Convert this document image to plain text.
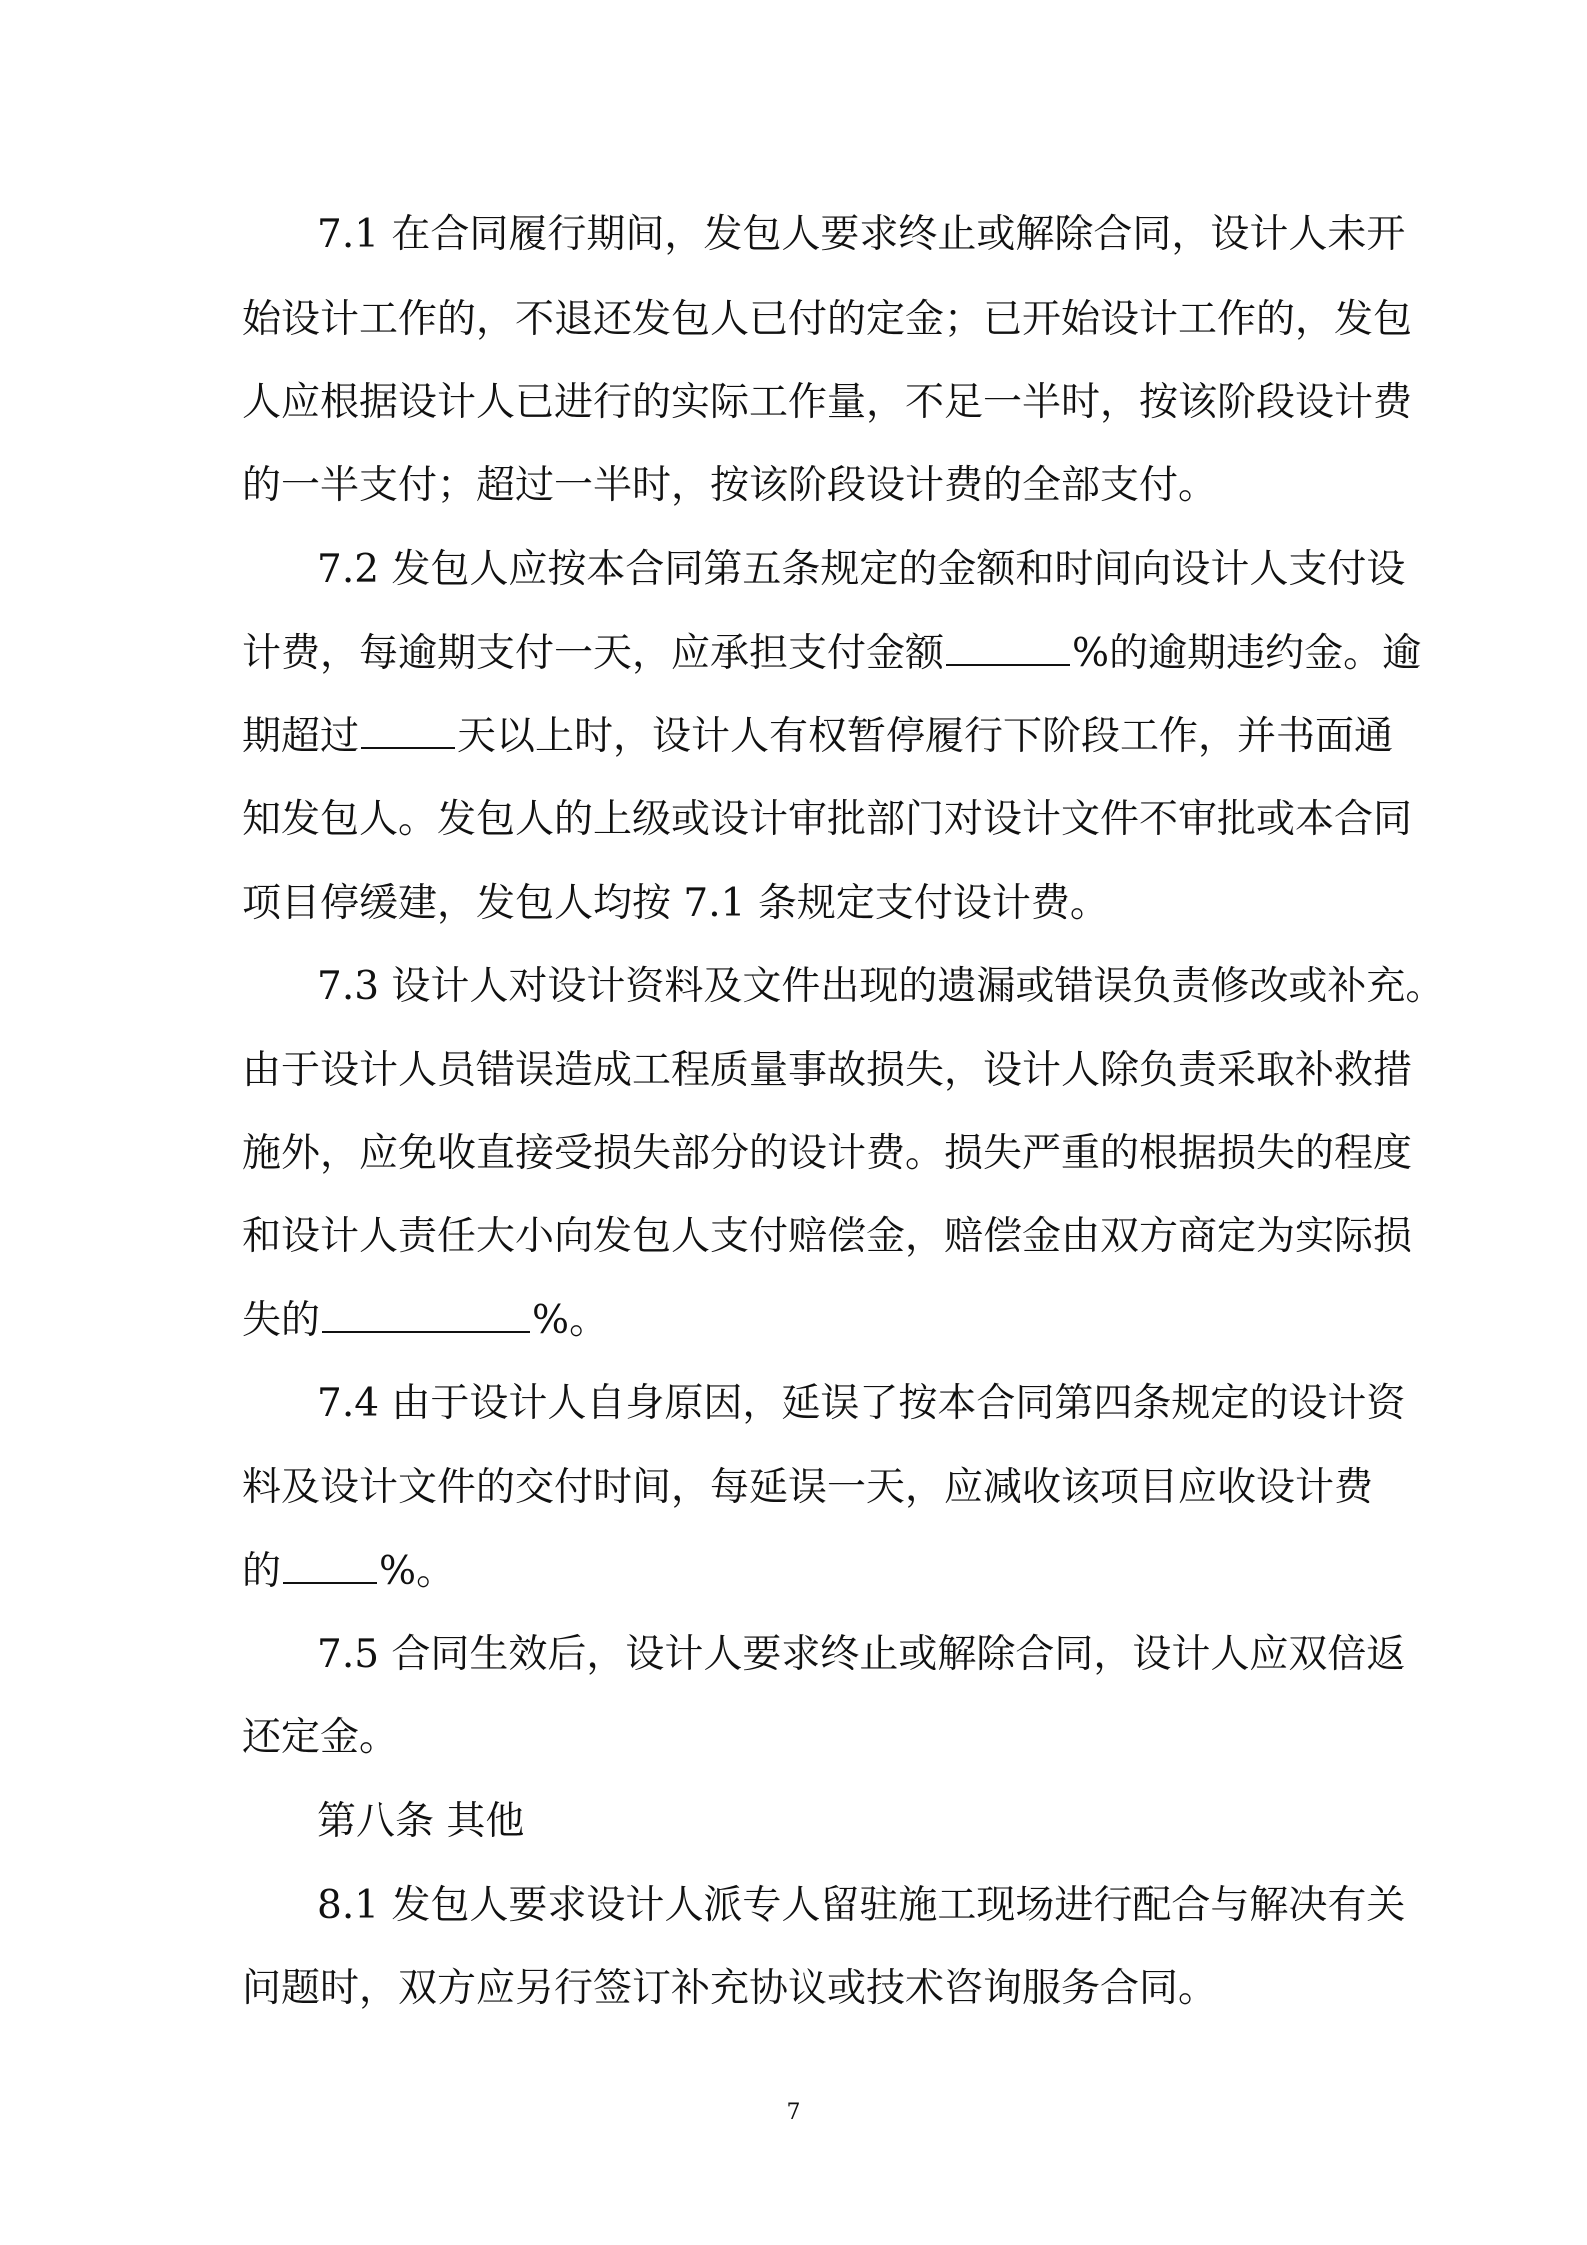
7.1 在合同履行期间，发包人要求终止或解除合同，设计人未开
始设计工作的，不退还发包人已付的定金；已开始设计工作的，发包
人应根据设计人已进行的实际工作量，不足一半时，按该阶段设计费
的一半支付；超过一半时，按该阶段设计费的全部支付。
7.2 发包人应按本合同第五条规定的金额和时间向设计人支付设
计费，每逾期支付一天，应承担支付金额	%的逾期违约金。逾
期超过	天以上时，设计人有权暂停履行下阶段工作，并书面通
知发包人。发包人的上级或设计审批部门对设计文件不审批或本合同
项目停缓建，发包人均按 7.1 条规定支付设计费。
7.3 设计人对设计资料及文件出现的遗漏或错误负责修改或补充。
由于设计人员错误造成工程质量事故损失，设计人除负责采取补救措
施外，应免收直接受损失部分的设计费。损失严重的根据损失的程度
和设计人责任大小向发包人支付赔偿金，赔偿金由双方商定为实际损
失的	%。
7.4 由于设计人自身原因，延误了按本合同第四条规定的设计资
料及设计文件的交付时间，每延误一天，应减收该项目应收设计费
的	%。
7.5 合同生效后，设计人要求终止或解除合同，设计人应双倍返
还定金。
第八条 其他
8.1 发包人要求设计人派专人留驻施工现场进行配合与解决有关
问题时，双方应另行签订补充协议或技术咨询服务合同。
7
